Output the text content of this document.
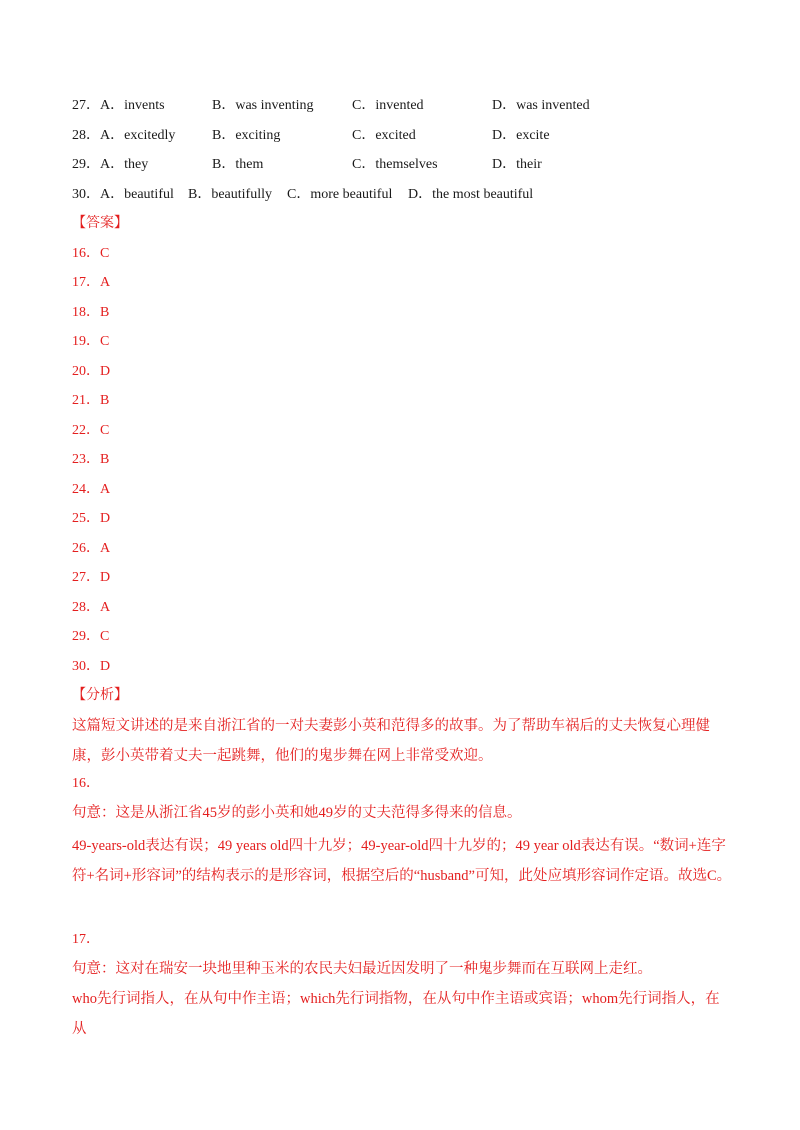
27． A．invents	B．was inventing	C．invented	D．was invented
28． A．excitedly	B．exciting	C．excited	D．excite
29． A．they	B．them	C．themselves	D．their
30． A．beautiful B．beautifully C．more beautiful D．the most beautiful
【答案】
16．C
17．A
18．B
19．C
20．D
21．B
22．C
23．B
24．A
25．D
26．A
27．D
28．A
29．C
30．D
【分析】

这篇短文讲述的是来自浙江省的一对夫妻彭小英和范得多的故事。为了帮助车祸后的丈夫恢复心理健康，彭小英带着丈夫一起跳舞，他们的鬼步舞在网上非常受欢迎。

16．

句意：这是从浙江省45岁的彭小英和她49岁的丈夫范得多得来的信息。

49-years-old表达有误；49 years old四十九岁；49-year-old四十九岁的；49 year old表达有误。“数词+连字符+名词+形容词”的结构表示的是形容词，根据空后的“husband”可知，此处应填形容词作定语。故选C。

17．

句意：这对在瑞安一块地里种玉米的农民夫妇最近因发明了一种鬼步舞而在互联网上走红。

who先行词指人，在从句中作主语；which先行词指物，在从句中作主语或宾语；whom先行词指人，在从
